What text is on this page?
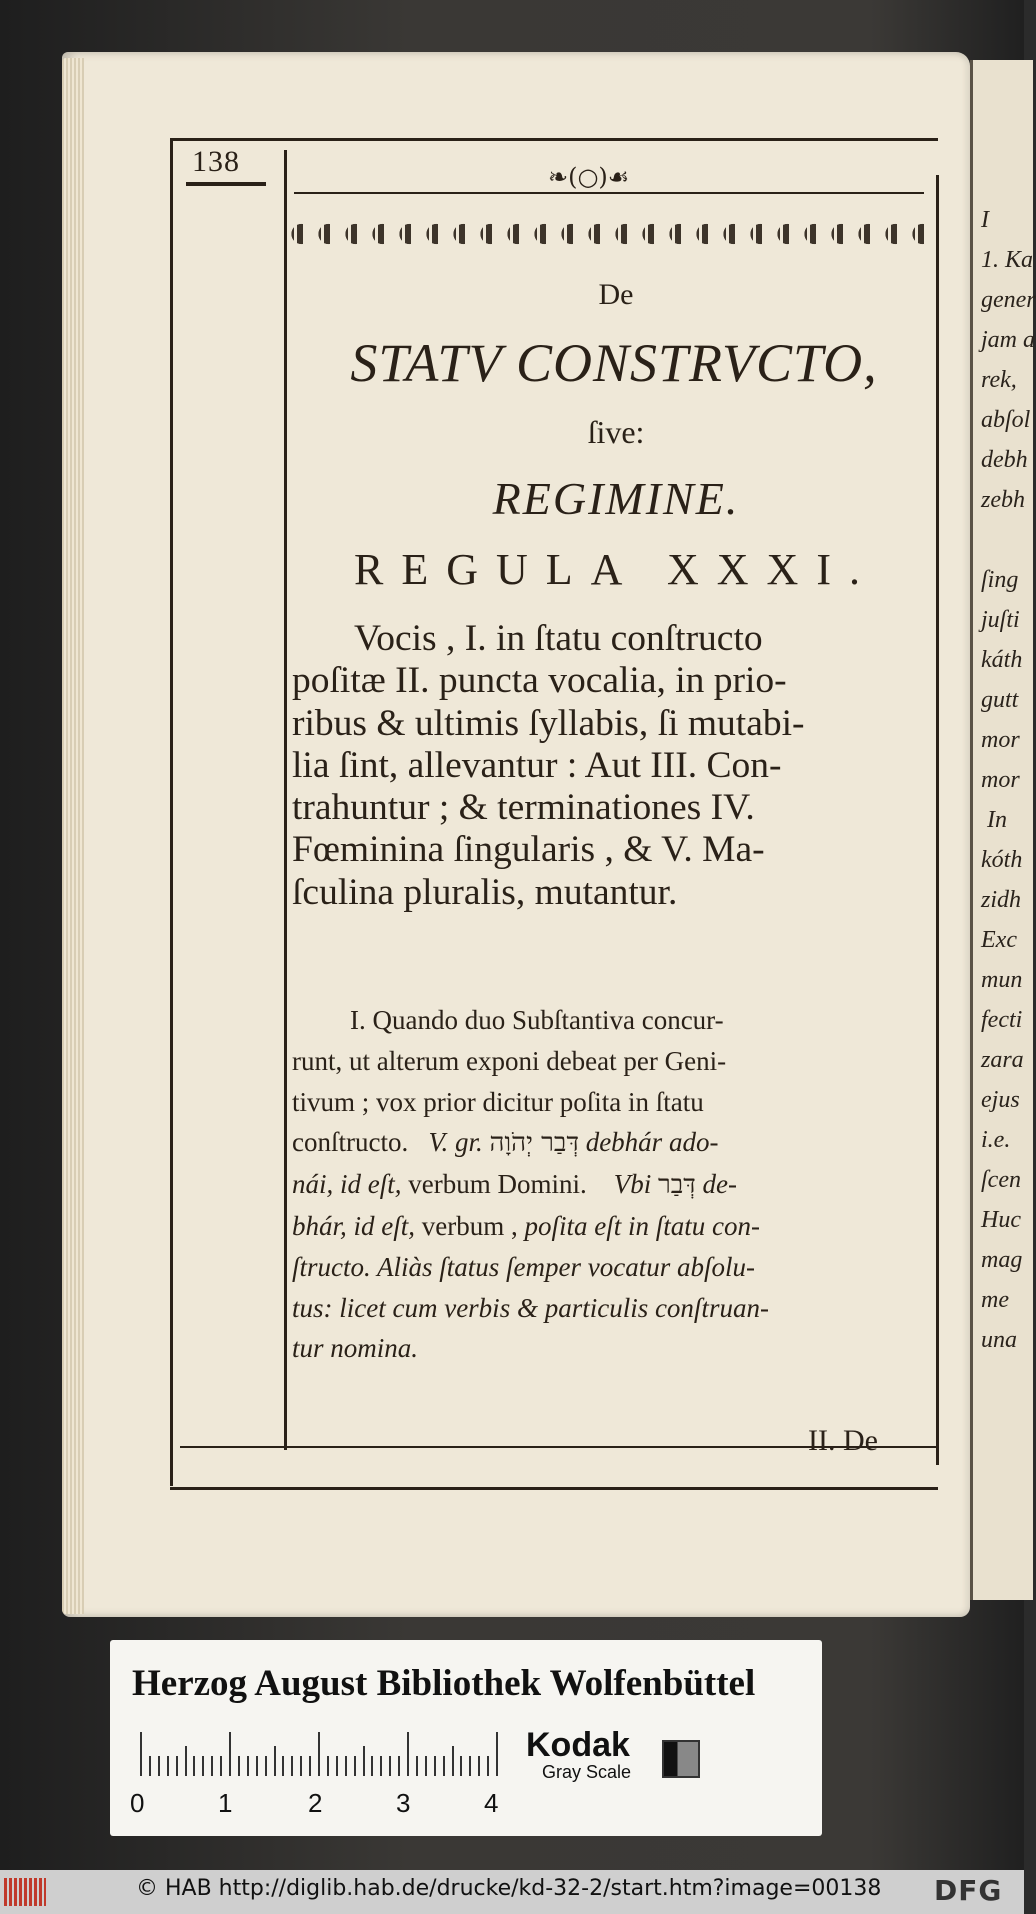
I
1. Ka
gener
jam a
rek,
abſol
debh
zebh

ſing
juſti
káth
gutt
mor
mor
In
kóth
zidh
Exc
mun
fecti
zara
ejus
i.e.
ſcen
Huc
mag
me
una
138	❧(○)☙
De
STATV CONSTRVCTO,
ſive:
REGIMINE.
REGULA XXXI.
Vocis , I. in ſtatu conſtructo
poſitæ II. puncta vocalia, in prio-
ribus & ultimis ſyllabis, ſi mutabi-
lia ſint, allevantur : Aut III. Con-
trahuntur ; & terminationes IV.
Fœminina ſingularis , & V. Ma-
ſculina pluralis, mutantur.
I. Quando duo Subſtantiva concur-
runt, ut alterum exponi debeat per Geni-
tivum ; vox prior dicitur poſita in ſtatu
conſtructo. V. gr. דְּבַר יְהֹוָה debhár ado-
nái, id eſt, verbum Domini. Vbi דְּבַר de-
bhár, id eſt, verbum , poſita eſt in ſtatu con-
ſtructo. Aliàs ſtatus ſemper vocatur abſolu-
tus: licet cum verbis & particulis conſtruan-
tur nomina.
II. De
Herzog August Bibliothek Wolfenbüttel
0	1	2	3	4
Kodak
Gray Scale
© HAB http://diglib.hab.de/drucke/kd-32-2/start.htm?image=00138 DFG
